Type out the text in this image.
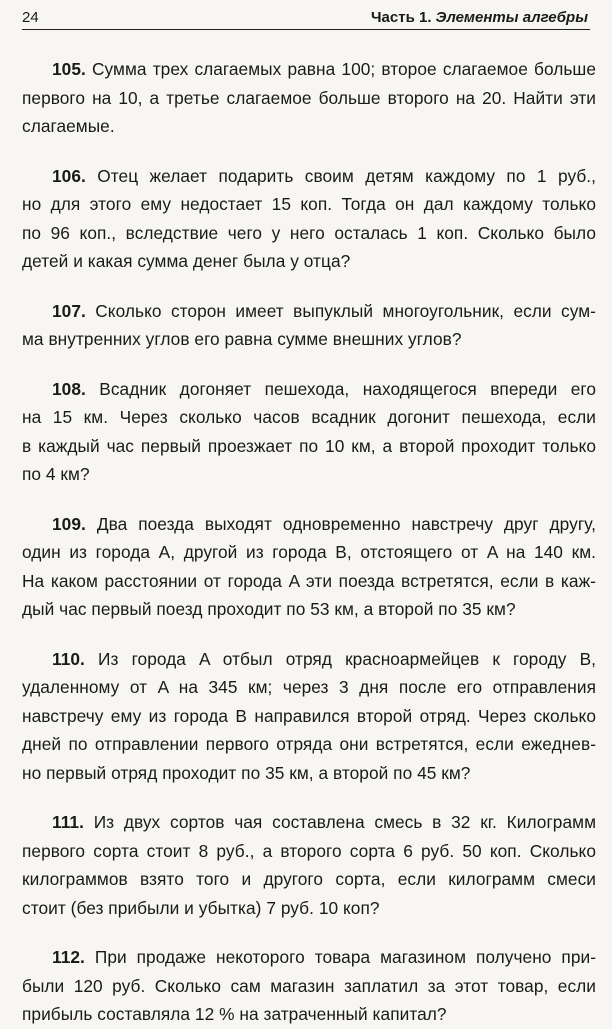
24	Часть 1. Элементы алгебры
105. Сумма трех слагаемых равна 100; второе слагаемое больше
первого на 10, а третье слагаемое больше второго на 20. Найти эти
слагаемые.
106. Отец желает подарить своим детям каждому по 1 руб.,
но для этого ему недостает 15 коп. Тогда он дал каждому только
по 96 коп., вследствие чего у него осталась 1 коп. Сколько было
детей и какая сумма денег была у отца?
107. Сколько сторон имеет выпуклый многоугольник, если сум-
ма внутренних углов его равна сумме внешних углов?
108. Всадник догоняет пешехода, находящегося впереди его
на 15 км. Через сколько часов всадник догонит пешехода, если
в каждый час первый проезжает по 10 км, а второй проходит только
по 4 км?
109. Два поезда выходят одновременно навстречу друг другу,
один из города A, другой из города B, отстоящего от A на 140 км.
На каком расстоянии от города A эти поезда встретятся, если в каж-
дый час первый поезд проходит по 53 км, а второй по 35 км?
110. Из города A отбыл отряд красноармейцев к городу B,
удаленному от A на 345 км; через 3 дня после его отправления
навстречу ему из города B направился второй отряд. Через сколько
дней по отправлении первого отряда они встретятся, если ежеднев-
но первый отряд проходит по 35 км, а второй по 45 км?
111. Из двух сортов чая составлена смесь в 32 кг. Килограмм
первого сорта стоит 8 руб., а второго сорта 6 руб. 50 коп. Сколько
килограммов взято того и другого сорта, если килограмм смеси
стоит (без прибыли и убытка) 7 руб. 10 коп?
112. При продаже некоторого товара магазином получено при-
были 120 руб. Сколько сам магазин заплатил за этот товар, если
прибыль составляла 12 % на затраченный капитал?
